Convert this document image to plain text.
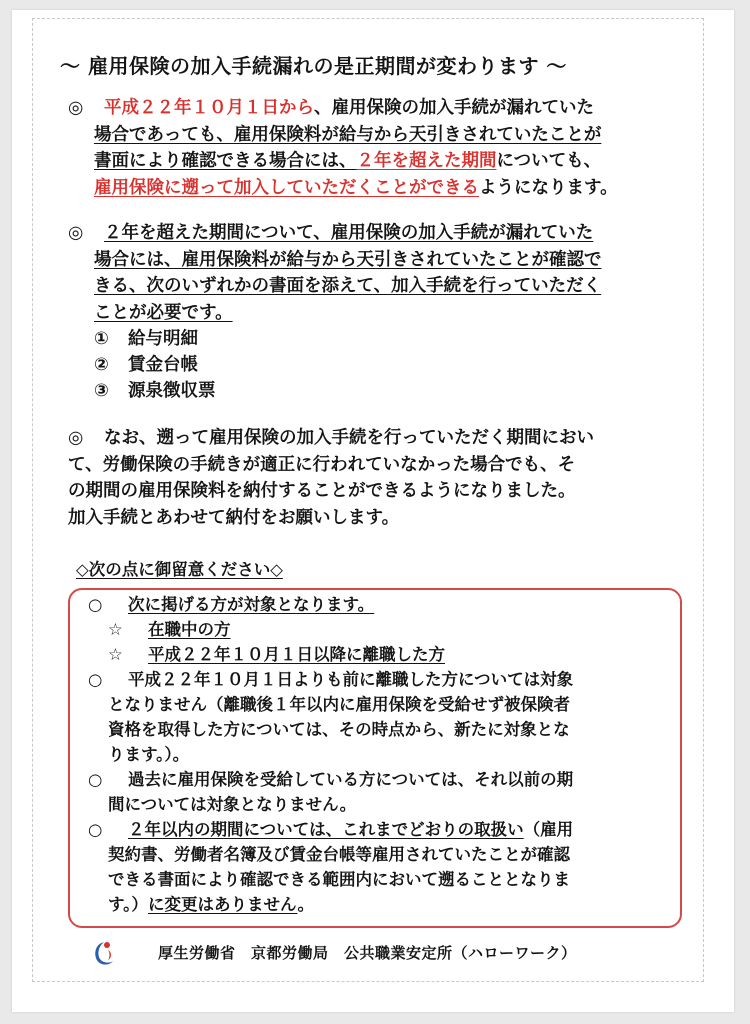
～ 雇用保険の加入手続漏れの是正期間が変わります ～
◎ 平成２２年１０月１日から、雇用保険の加入手続が漏れていた
場合であっても、雇用保険料が給与から天引きされていたことが
書面により確認できる場合には、２年を超えた期間についても、
雇用保険に遡って加入していただくことができるようになります。
◎ ２年を超えた期間について、雇用保険の加入手続が漏れていた
場合には、雇用保険料が給与から天引きされていたことが確認で
きる、次のいずれかの書面を添えて、加入手続を行っていただく
ことが必要です。
① 給与明細
② 賃金台帳
③ 源泉徴収票
◎ なお、遡って雇用保険の加入手続を行っていただく期間におい
て、労働保険の手続きが適正に行われていなかった場合でも、そ
の期間の雇用保険料を納付することができるようになりました。
加入手続とあわせて納付をお願いします。
◇次の点に御留意ください◇
○ 次に掲げる方が対象となります。
☆ 在職中の方
☆ 平成２２年１０月１日以降に離職した方
○ 平成２２年１０月１日よりも前に離職した方については対象
となりません（離職後１年以内に雇用保険を受給せず被保険者
資格を取得した方については、その時点から、新たに対象とな
ります。）。
○ 過去に雇用保険を受給している方については、それ以前の期
間については対象となりません。
○ ２年以内の期間については、これまでどおりの取扱い（雇用
契約書、労働者名簿及び賃金台帳等雇用されていたことが確認
できる書面により確認できる範囲内において遡ることとなりま
す。）に変更はありません。
厚生労働省　京都労働局　公共職業安定所（ハローワーク）
